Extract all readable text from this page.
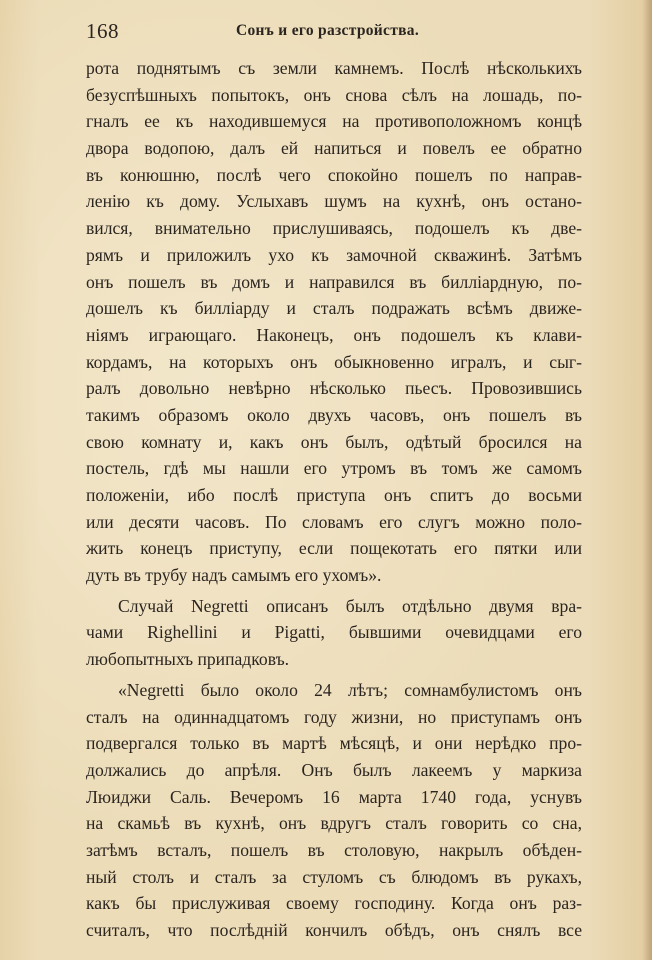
168	Сонъ и его разстройства.
рота поднятымъ съ земли камнемъ. Послѣ нѣсколькихъ
безуспѣшныхъ попытокъ, онъ снова сѣлъ на лошадь, по-
гналъ ее къ находившемуся на противоположномъ концѣ
двора водопою, далъ ей напиться и повелъ ее обратно
въ конюшню, послѣ чего спокойно пошелъ по направ-
ленію къ дому. Услыхавъ шумъ на кухнѣ, онъ остано-
вился, внимательно прислушиваясь, подошелъ къ две-
рямъ и приложилъ ухо къ замочной скважинѣ. Затѣмъ
онъ пошелъ въ домъ и направился въ билліардную, по-
дошелъ къ билліарду и сталъ подражать всѣмъ движе-
ніямъ играющаго. Наконецъ, онъ подошелъ къ клави-
кордамъ, на которыхъ онъ обыкновенно игралъ, и сыг-
ралъ довольно невѣрно нѣсколько пьесъ. Провозившись
такимъ образомъ около двухъ часовъ, онъ пошелъ въ
свою комнату и, какъ онъ былъ, одѣтый бросился на
постель, гдѣ мы нашли его утромъ въ томъ же самомъ
положеніи, ибо послѣ приступа онъ спитъ до восьми
или десяти часовъ. По словамъ его слугъ можно поло-
жить конецъ приступу, если пощекотать его пятки или
дуть въ трубу надъ самымъ его ухомъ».
Случай Negretti описанъ былъ отдѣльно двумя вра-
чами Righellini и Pigatti, бывшими очевидцами его
любопытныхъ припадковъ.
«Negretti было около 24 лѣтъ; сомнамбулистомъ онъ
сталъ на одиннадцатомъ году жизни, но приступамъ онъ
подвергался только въ мартѣ мѣсяцѣ, и они нерѣдко про-
должались до апрѣля. Онъ былъ лакеемъ у маркиза
Люиджи Саль. Вечеромъ 16 марта 1740 года, уснувъ
на скамьѣ въ кухнѣ, онъ вдругъ сталъ говорить со сна,
затѣмъ всталъ, пошелъ въ столовую, накрылъ обѣден-
ный столъ и сталъ за стуломъ съ блюдомъ въ рукахъ,
какъ бы прислуживая своему господину. Когда онъ раз-
считалъ, что послѣдній кончилъ обѣдъ, онъ снялъ все
